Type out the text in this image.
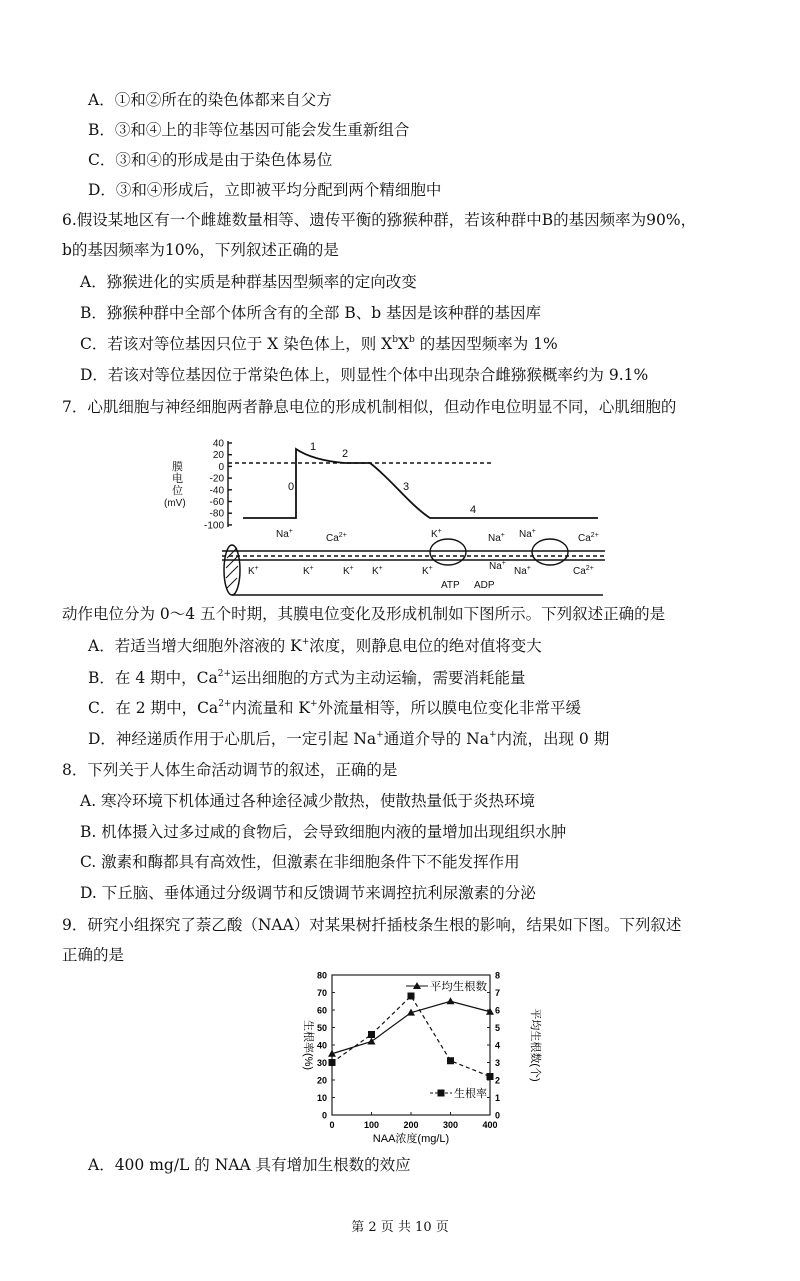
A．①和②所在的染色体都来自父方
B．③和④上的非等位基因可能会发生重新组合
C．③和④的形成是由于染色体易位
D．③和④形成后，立即被平均分配到两个精细胞中
6.假设某地区有一个雌雄数量相等、遗传平衡的猕猴种群，若该种群中B的基因频率为90%，
b的基因频率为10%，下列叙述正确的是
A．猕猴进化的实质是种群基因型频率的定向改变
B．猕猴种群中全部个体所含有的全部 B、b 基因是该种群的基因库
C．若该对等位基因只位于 X 染色体上，则 $X^bX^b$ 的基因型频率为 1%
D．若该对等位基因位于常染色体上，则显性个体中出现杂合雌猕猴概率约为 9.1%
7．心肌细胞与神经细胞两者静息电位的形成机制相似，但动作电位明显不同，心肌细胞的
动作电位分为 0～4 五个时期，其膜电位变化及形成机制如下图所示。下列叙述正确的是
A．若适当增大细胞外溶液的 K+浓度，则静息电位的绝对值将变大
B．在 4 期中，$Ca^{2+}$运出细胞的方式为主动运输，需要消耗能量
C．在 2 期中，$Ca^{2+}$内流量和 K+外流量相等，所以膜电位变化非常平缓
D．神经递质作用于心肌后，一定引起 Na+通道介导的 Na+内流，出现 0 期
8．下列关于人体生命活动调节的叙述，正确的是
A. 寒冷环境下机体通过各种途径减少散热，使散热量低于炎热环境
B. 机体摄入过多过咸的食物后，会导致细胞内液的量增加出现组织水肿
C. 激素和酶都具有高效性，但激素在非细胞条件下不能发挥作用
D. 下丘脑、垂体通过分级调节和反馈调节来调控抗利尿激素的分泌
9．研究小组探究了萘乙酸（NAA）对某果树扦插枝条生根的影响，结果如下图。下列叙述
正确的是
A．400 mg/L 的 NAA 具有增加生根数的效应
膜
电
位
(mV)
0
1
2
3
4
Na+
$Ca^{2+}$
K+	K+	K+ K+
K+
K+
Na+
Na+
Na+
Na+
$Ca^{2+}$
$Ca^{2+}$
ATP ADP
40
20
0
-20
-40
-60
-80
-100
0
10
20
30
40
50
60
70
80
0
1
2
3
4
5
6
7
8
0	100	200	300	400
NAA浓度(mg/L)
生根率(%)	平均生根数(个)
平均生根数
生根率
第 2 页 共 10 页
